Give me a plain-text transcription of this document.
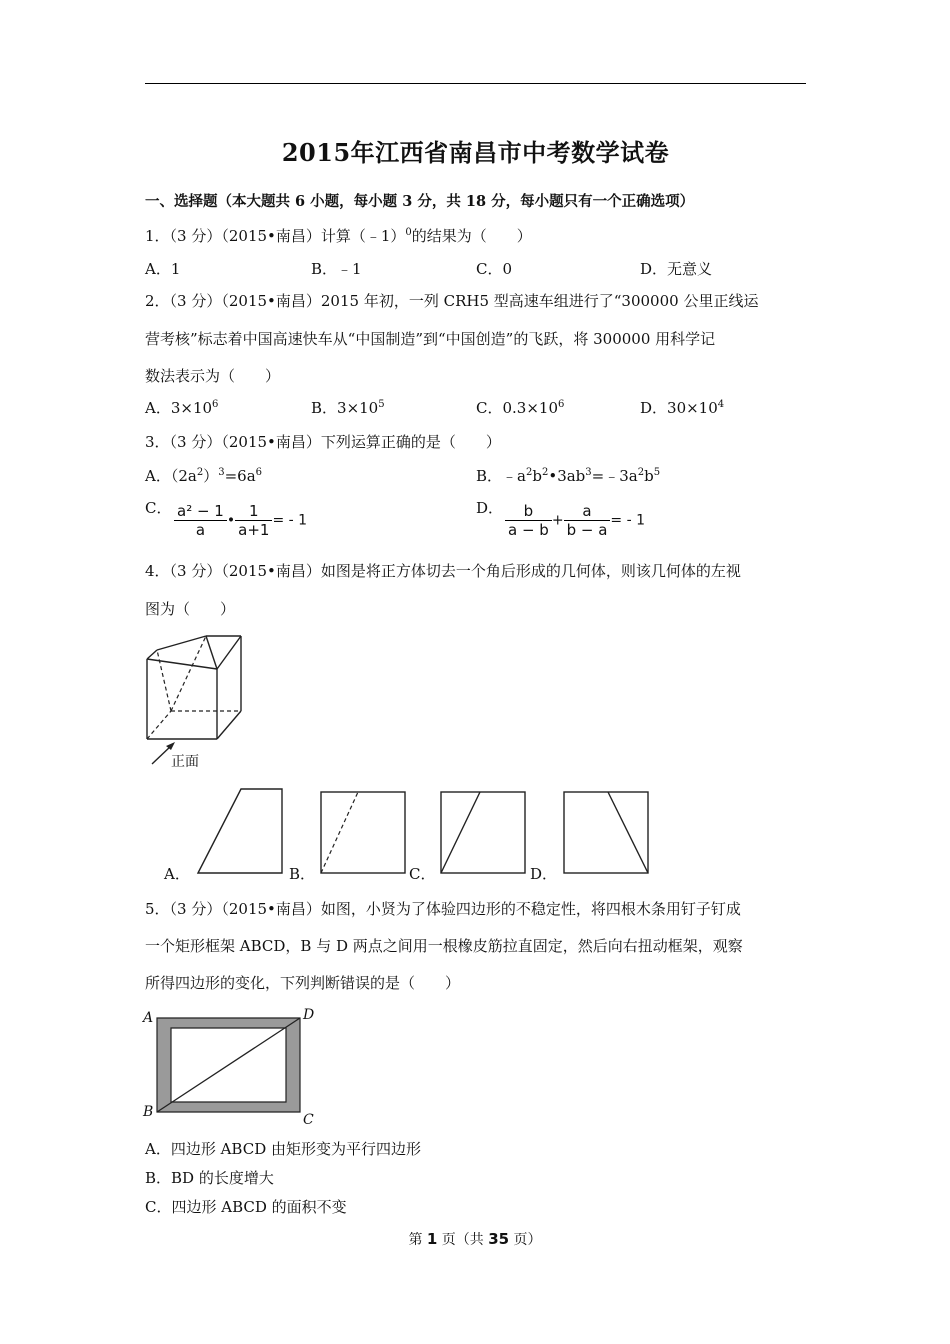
2015年江西省南昌市中考数学试卷
一、选择题（本大题共 6 小题，每小题 3 分，共 18 分，每小题只有一个正确选项）
1．（3 分）（2015•南昌）计算（﹣1）$^0$的结果为（　　）
A．1	B．﹣1	C．0	D．无意义
2．（3 分）（2015•南昌）2015 年初，一列 CRH5 型高速车组进行了“300000 公里正线运
营考核”标志着中国高速快车从“中国制造”到“中国创造”的飞跃，将 300000 用科学记
数法表示为（　　）
A．$3\times 10^6$	B．$3\times 10^5$	C．$0.3\times 10^6$	D．$30\times 10^4$
3．（3 分）（2015•南昌）下列运算正确的是（　　）
A．$(2a^2)^3=6a^6$	B．$﹣a^2b^2•3ab^3=﹣3a^2b^5$
C． $\frac{\text{a² − 1}}{a}$ • $\frac{1}{a+1}$ = - 1
D． $\frac{b}{a - b} + \frac{a}{b - a}$ = - 1
4．（3 分）（2015•南昌）如图是将正方体切去一个角后形成的几何体，则该几何体的左视
图为（　　）
正面
A．	B．	C．	D．
5．（3 分）（2015•南昌）如图，小贤为了体验四边形的不稳定性，将四根木条用钉子钉成
一个矩形框架 ABCD，B 与 D 两点之间用一根橡皮筋拉直固定，然后向右扭动框架，观察
所得四边形的变化，下列判断错误的是（　　）
A	D
B	C
A．四边形 ABCD 由矩形变为平行四边形
B．BD 的长度增大
C．四边形 ABCD 的面积不变
第 1 页（共 35 页）
